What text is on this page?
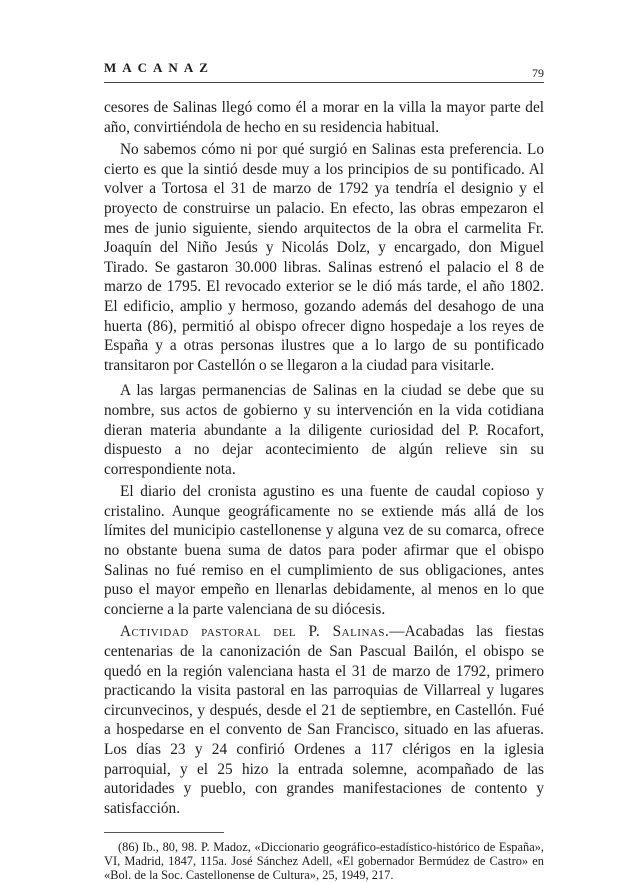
MACANAZ	79

cesores de Salinas llegó como él a morar en la villa la mayor parte del año, convirtiéndola de hecho en su residencia habitual.

No sabemos cómo ni por qué surgió en Salinas esta preferencia. Lo cierto es que la sintió desde muy a los principios de su pontificado. Al volver a Tortosa el 31 de marzo de 1792 ya tendría el designio y el proyecto de construirse un palacio. En efecto, las obras empezaron el mes de junio siguiente, siendo arquitectos de la obra el carmelita Fr. Joaquín del Niño Jesús y Nicolás Dolz, y encargado, don Miguel Tirado. Se gastaron 30.000 libras. Salinas estrenó el palacio el 8 de marzo de 1795. El revocado exterior se le dió más tarde, el año 1802. El edificio, amplio y hermoso, gozando además del desahogo de una huerta (86), permitió al obispo ofrecer digno hospedaje a los reyes de España y a otras personas ilustres que a lo largo de su pontificado transitaron por Castellón o se llegaron a la ciudad para visitarle.

A las largas permanencias de Salinas en la ciudad se debe que su nombre, sus actos de gobierno y su intervención en la vida cotidiana dieran materia abundante a la diligente curiosidad del P. Rocafort, dispuesto a no dejar acontecimiento de algún relieve sin su correspondiente nota.

El diario del cronista agustino es una fuente de caudal copioso y cristalino. Aunque geográficamente no se extiende más allá de los límites del municipio castellonense y alguna vez de su comarca, ofrece no obstante buena suma de datos para poder afirmar que el obispo Salinas no fué remiso en el cumplimiento de sus obligaciones, antes puso el mayor empeño en llenarlas debidamente, al menos en lo que concierne a la parte valenciana de su diócesis.

Actividad pastoral del P. Salinas.—Acabadas las fiestas centenarias de la canonización de San Pascual Bailón, el obispo se quedó en la región valenciana hasta el 31 de marzo de 1792, primero practicando la visita pastoral en las parroquias de Villarreal y lugares circunvecinos, y después, desde el 21 de septiembre, en Castellón. Fué a hospedarse en el convento de San Francisco, situado en las afueras. Los días 23 y 24 confirió Ordenes a 117 clérigos en la iglesia parroquial, y el 25 hizo la entrada solemne, acompañado de las autoridades y pueblo, con grandes manifestaciones de contento y satisfacción.

(86) Ib., 80, 98. P. Madoz, «Diccionario geográfico-estadístico-histórico de España», VI, Madrid, 1847, 115a. José Sánchez Adell, «El gobernador Bermúdez de Castro» en «Bol. de la Soc. Castellonense de Cultura», 25, 1949, 217.
